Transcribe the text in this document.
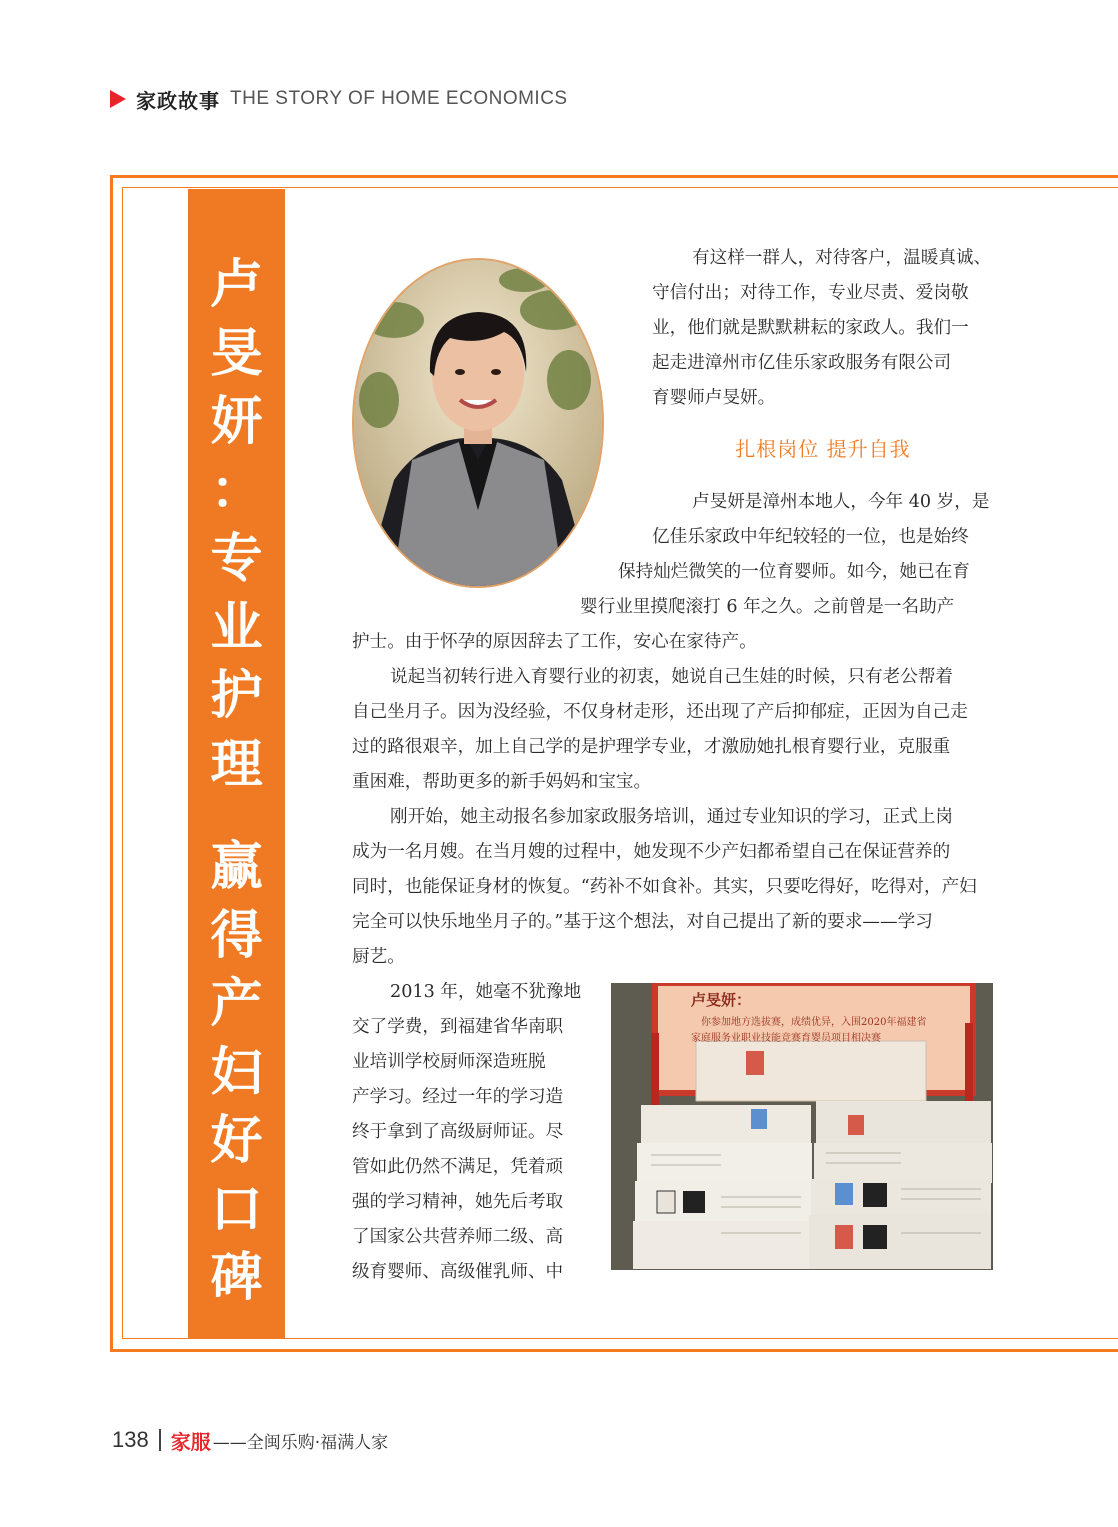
家政故事 THE STORY OF HOME ECONOMICS
卢
旻
妍
：
专
业
护
理
赢
得
产
妇
好
口
碑
有这样一群人，对待客户，温暖真诚、
守信付出；对待工作，专业尽责、爱岗敬
业，他们就是默默耕耘的家政人。我们一
起走进漳州市亿佳乐家政服务有限公司
育婴师卢旻妍。
扎根岗位 提升自我
卢旻妍是漳州本地人，今年 40 岁，是
亿佳乐家政中年纪较轻的一位，也是始终
保持灿烂微笑的一位育婴师。如今，她已在育
婴行业里摸爬滚打 6 年之久。之前曾是一名助产
护士。由于怀孕的原因辞去了工作，安心在家待产。
说起当初转行进入育婴行业的初衷，她说自己生娃的时候，只有老公帮着
自己坐月子。因为没经验，不仅身材走形，还出现了产后抑郁症，正因为自己走
过的路很艰辛，加上自己学的是护理学专业，才激励她扎根育婴行业，克服重
重困难，帮助更多的新手妈妈和宝宝。
刚开始，她主动报名参加家政服务培训，通过专业知识的学习，正式上岗
成为一名月嫂。在当月嫂的过程中，她发现不少产妇都希望自己在保证营养的
同时，也能保证身材的恢复。“药补不如食补。其实，只要吃得好，吃得对，产妇
完全可以快乐地坐月子的。”基于这个想法，对自己提出了新的要求——学习
厨艺。
2013 年，她毫不犹豫地
交了学费，到福建省华南职
业培训学校厨师深造班脱
产学习。经过一年的学习造
终于拿到了高级厨师证。尽
管如此仍然不满足，凭着顽
强的学习精神，她先后考取
了国家公共营养师二级、高
级育婴师、高级催乳师、中
卢旻妍：
你参加地方选拔赛，成绩优异，入围2020年福建省
家庭服务业职业技能竞赛育婴员项目相决赛
138 家服 ——全闽乐购·福满人家
